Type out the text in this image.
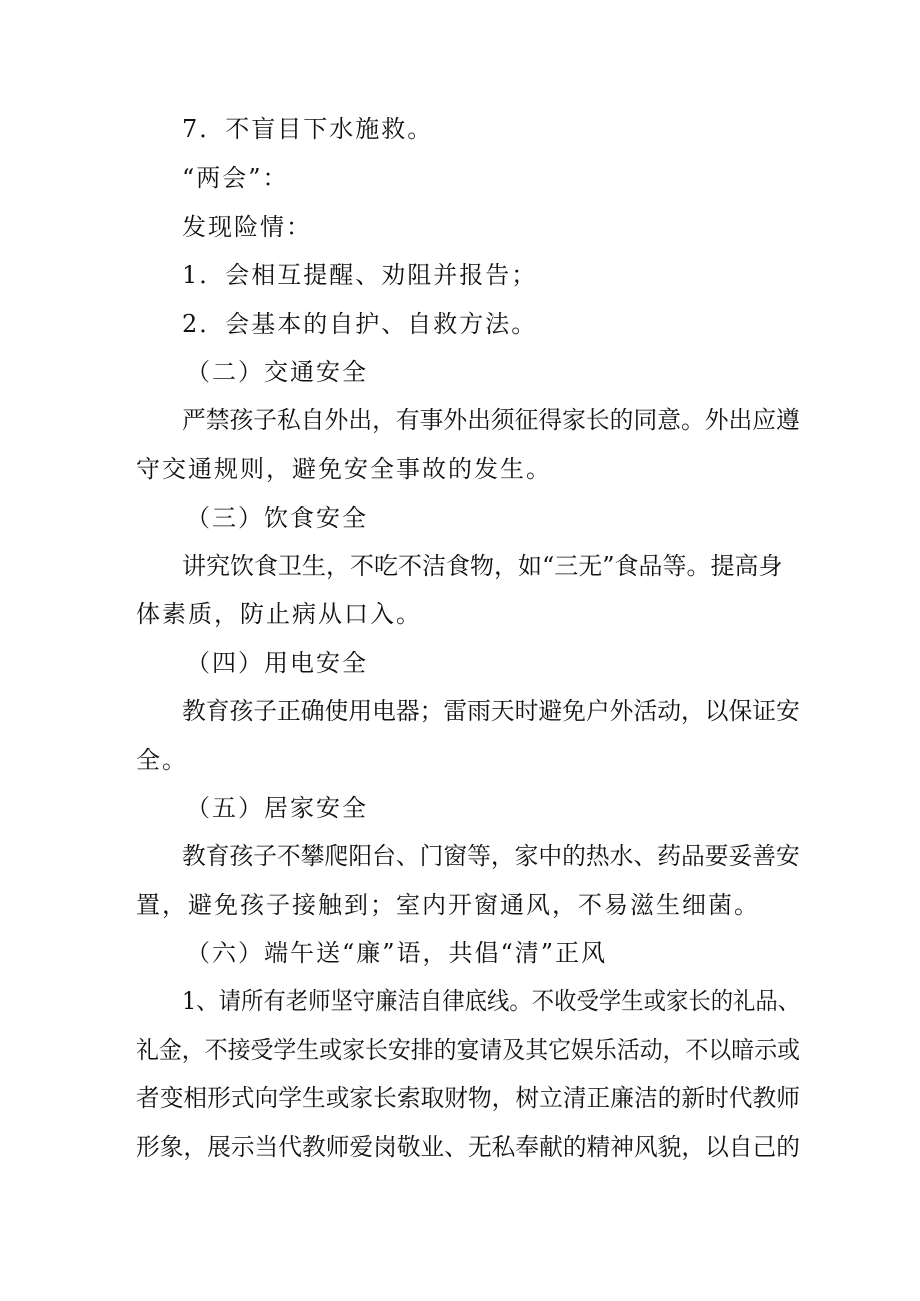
7．不盲目下水施救。
“两会”：
发现险情：
1．会相互提醒、劝阻并报告；
2．会基本的自护、自救方法。
（二）交通安全
严禁孩子私自外出，有事外出须征得家长的同意。外出应遵
守交通规则，避免安全事故的发生。
（三）饮食安全
讲究饮食卫生，不吃不洁食物，如“三无”食品等。提高身
体素质，防止病从口入。
（四）用电安全
教育孩子正确使用电器；雷雨天时避免户外活动，以保证安
全。
（五）居家安全
教育孩子不攀爬阳台、门窗等，家中的热水、药品要妥善安
置，避免孩子接触到；室内开窗通风，不易滋生细菌。
（六）端午送“廉”语，共倡“清”正风
1、请所有老师坚守廉洁自律底线。不收受学生或家长的礼品、
礼金，不接受学生或家长安排的宴请及其它娱乐活动，不以暗示或
者变相形式向学生或家长索取财物，树立清正廉洁的新时代教师
形象，展示当代教师爱岗敬业、无私奉献的精神风貌，以自己的
